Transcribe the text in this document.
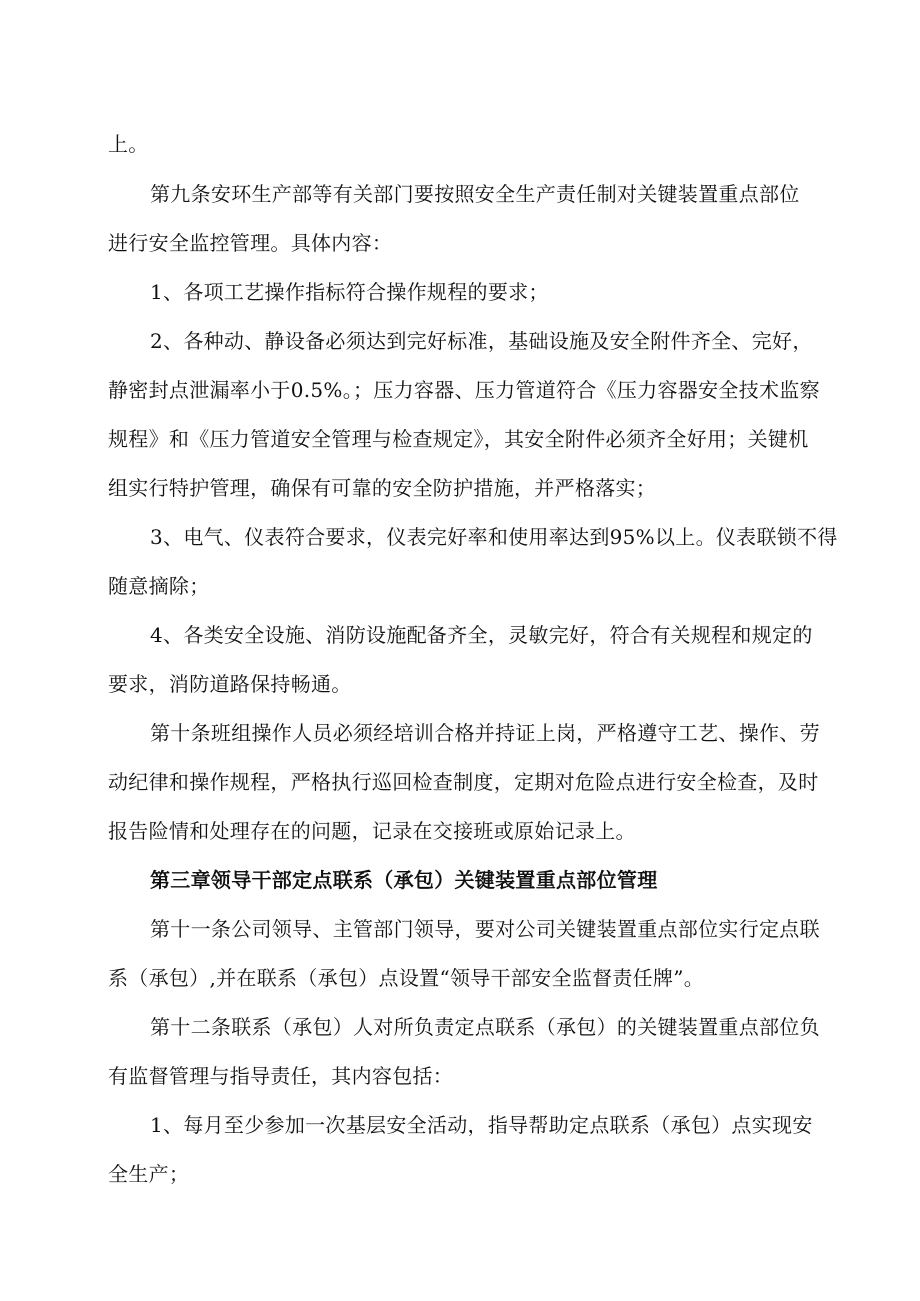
上。
第九条安环生产部等有关部门要按照安全生产责任制对关键装置重点部位
进行安全监控管理。具体内容：
1、各项工艺操作指标符合操作规程的要求；
2、各种动、静设备必须达到完好标准，基础设施及安全附件齐全、完好，
静密封点泄漏率小于0.5%。；压力容器、压力管道符合《压力容器安全技术监察
规程》和《压力管道安全管理与检查规定》，其安全附件必须齐全好用；关键机
组实行特护管理，确保有可靠的安全防护措施，并严格落实；
3、电气、仪表符合要求，仪表完好率和使用率达到95%以上。仪表联锁不得
随意摘除；
4、各类安全设施、消防设施配备齐全，灵敏完好，符合有关规程和规定的
要求，消防道路保持畅通。
第十条班组操作人员必须经培训合格并持证上岗，严格遵守工艺、操作、劳
动纪律和操作规程，严格执行巡回检查制度，定期对危险点进行安全检查，及时
报告险情和处理存在的问题，记录在交接班或原始记录上。
第三章领导干部定点联系（承包）关键装置重点部位管理
第十一条公司领导、主管部门领导，要对公司关键装置重点部位实行定点联
系（承包）,并在联系（承包）点设置“领导干部安全监督责任牌”。
第十二条联系（承包）人对所负责定点联系（承包）的关键装置重点部位负
有监督管理与指导责任，其内容包括：
1、每月至少参加一次基层安全活动，指导帮助定点联系（承包）点实现安
全生产；
